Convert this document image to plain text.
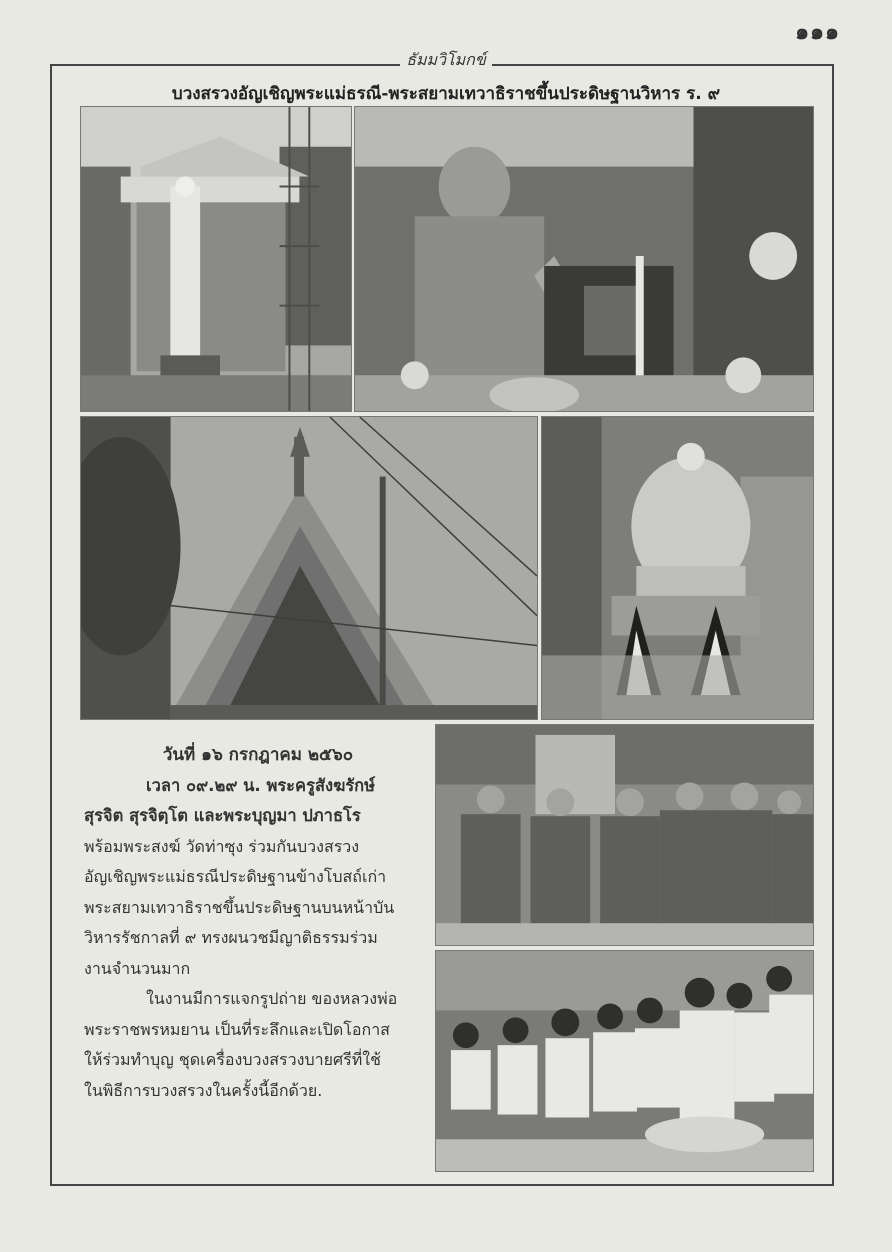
๑๑๑
ธัมมวิโมกข์
บวงสรวงอัญเชิญพระแม่ธรณี-พระสยามเทวาธิราชขึ้นประดิษฐานวิหาร ร. ๙

วันที่ ๑๖ กรกฎาคม ๒๕๖๐

เวลา ๐๙.๒๙ น. พระครูสังฆรักษ์

สุรจิต สุรจิตฺโต และพระบุญมา ปภาธโร

พร้อมพระสงฆ์ วัดท่าซุง ร่วมกันบวงสรวง

อัญเชิญพระแม่ธรณีประดิษฐานข้างโบสถ์เก่า

พระสยามเทวาธิราชขึ้นประดิษฐานบนหน้าบัน

วิหารรัชกาลที่ ๙ ทรงผนวชมีญาติธรรมร่วม

งานจำนวนมาก

ในงานมีการแจกรูปถ่าย ของหลวงพ่อ

พระราชพรหมยาน เป็นที่ระลึกและเปิดโอกาส

ให้ร่วมทำบุญ ชุดเครื่องบวงสรวงบายศรีที่ใช้

ในพิธีการบวงสรวงในครั้งนี้อีกด้วย.
